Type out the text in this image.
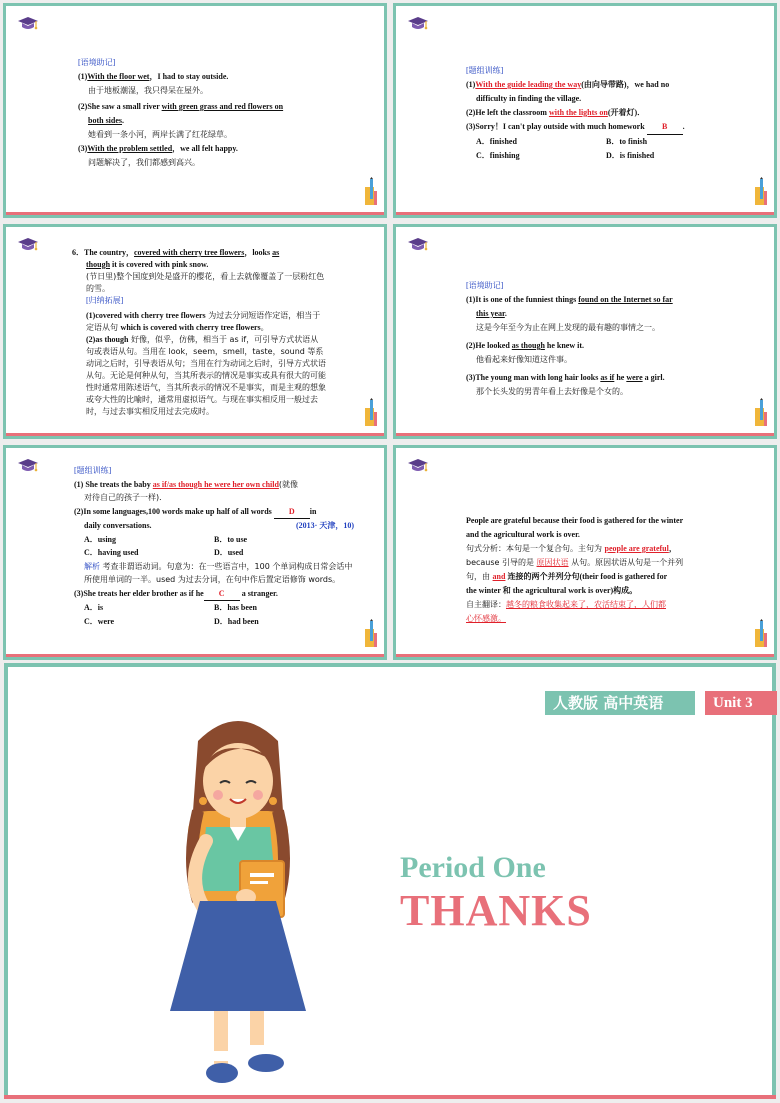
[语境助记]

(1)With the floor wet，I had to stay outside.

由于地板潮湿，我只得呆在屋外。

(2)She saw a small river with green grass and red flowers on

both sides.

她看到一条小河，两岸长满了红花绿草。

(3)With the problem settled，we all felt happy.

问题解决了，我们都感到高兴。

[题组训练]

(1)With the guide leading the way(由向导带路)，we had no

difficulty in finding the village.

(2)He left the classroom with the lights on(开着灯)．

(3)Sorry！I can't play outside with much homework B .

A．finished	B．to finish

C．finishing	D．is finished

6．The country，covered with cherry tree flowers，looks as

though it is covered with pink snow.

(节日里)整个国度到处是盛开的樱花，看上去就像覆盖了一层粉红色的雪。

[归纳拓展]

(1)covered with cherry tree flowers 为过去分词短语作定语，相当于定语从句 which is covered with cherry tree flowers。

(2)as though 好像，似乎，仿佛，相当于 as if，可引导方式状语从句或表语从句。当用在 look，seem，smell，taste，sound 等系动词之后时，引导表语从句；当用在行为动词之后时，引导方式状语从句。无论是何种从句，当其所表示的情况是事实或具有很大的可能性时通常用陈述语气，当其所表示的情况不是事实，而是主观的想象或夸大性的比喻时，通常用虚拟语气。与现在事实相反用一般过去时，与过去事实相反用过去完成时。

[语境助记]

(1)It is one of the funniest things found on the Internet so far

this year.

这是今年至今为止在网上发现的最有趣的事情之一。

(2)He looked as though he knew it.

他看起来好像知道这件事。

(3)The young man with long hair looks as if he were a girl.

那个长头发的男青年看上去好像是个女的。

[题组训练]

(1) She treats the baby as if/as though he were her own child(就像

对待自己的孩子一样)．

(2)In some languages,100 words make up half of all words D in

daily conversations.	(2013· 天津，10)

A．using	B．to use

C．having used	D．used

解析 考查非谓语动词。句意为：在一些语言中，100 个单词构成日常会话中所使用单词的一半。used 为过去分词，在句中作后置定语修饰 words。

(3)She treats her elder brother as if he C a stranger.

A．is	B．has been

C．were	D．had been

People are grateful because their food is gathered for the winter

and the agricultural work is over.

句式分析：本句是一个复合句。主句为 people are grateful，

because 引导的是 原因状语 从句。原因状语从句是一个并列

句，由 and 连接的两个并列分句(their food is gathered for

the winter 和 the agricultural work is over)构成。

自主翻译：越冬的粮食收集起来了，农活结束了，人们都

心怀感激。

人教版 高中英语	Unit 3
Period One
THANKS
